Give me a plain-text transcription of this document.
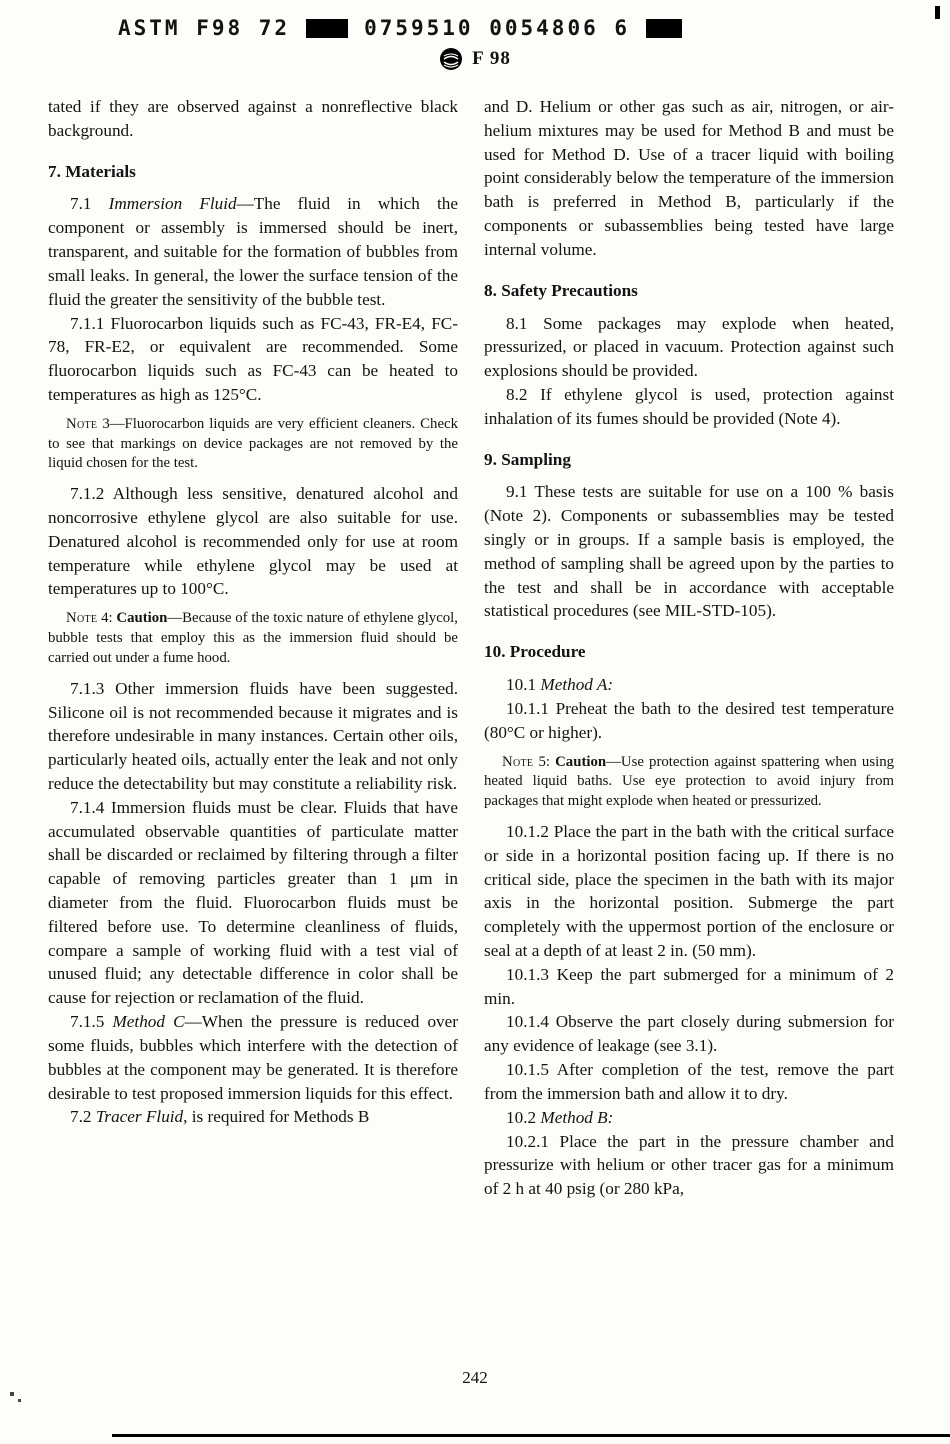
ASTM F98 72	0759510 0054806 6
F 98

tated if they are observed against a nonreflective black background.

7. Materials

7.1 Immersion Fluid—The fluid in which the component or assembly is immersed should be inert, transparent, and suitable for the formation of bubbles from small leaks. In general, the lower the surface tension of the fluid the greater the sensitivity of the bubble test.

7.1.1 Fluorocarbon liquids such as FC-43, FR-E4, FC-78, FR-E2, or equivalent are recommended. Some fluorocarbon liquids such as FC-43 can be heated to temperatures as high as 125°C.

Note 3—Fluorocarbon liquids are very efficient cleaners. Check to see that markings on device packages are not removed by the liquid chosen for the test.

7.1.2 Although less sensitive, denatured alcohol and noncorrosive ethylene glycol are also suitable for use. Denatured alcohol is recommended only for use at room temperature while ethylene glycol may be used at temperatures up to 100°C.

Note 4: Caution—Because of the toxic nature of ethylene glycol, bubble tests that employ this as the immersion fluid should be carried out under a fume hood.

7.1.3 Other immersion fluids have been suggested. Silicone oil is not recommended because it migrates and is therefore undesirable in many instances. Certain other oils, particularly heated oils, actually enter the leak and not only reduce the detectability but may constitute a reliability risk.

7.1.4 Immersion fluids must be clear. Fluids that have accumulated observable quantities of particulate matter shall be discarded or reclaimed by filtering through a filter capable of removing particles greater than 1 μm in diameter from the fluid. Fluorocarbon fluids must be filtered before use. To determine cleanliness of fluids, compare a sample of working fluid with a test vial of unused fluid; any detectable difference in color shall be cause for rejection or reclamation of the fluid.

7.1.5 Method C—When the pressure is reduced over some fluids, bubbles which interfere with the detection of bubbles at the component may be generated. It is therefore desirable to test proposed immersion liquids for this effect.

7.2 Tracer Fluid, is required for Methods B

and D. Helium or other gas such as air, nitrogen, or air-helium mixtures may be used for Method B and must be used for Method D. Use of a tracer liquid with boiling point considerably below the temperature of the immersion bath is preferred in Method B, particularly if the components or subassemblies being tested have large internal volume.

8. Safety Precautions

8.1 Some packages may explode when heated, pressurized, or placed in vacuum. Protection against such explosions should be provided.

8.2 If ethylene glycol is used, protection against inhalation of its fumes should be provided (Note 4).

9. Sampling

9.1 These tests are suitable for use on a 100 % basis (Note 2). Components or subassemblies may be tested singly or in groups. If a sample basis is employed, the method of sampling shall be agreed upon by the parties to the test and shall be in accordance with acceptable statistical procedures (see MIL-STD-105).

10. Procedure

10.1 Method A:

10.1.1 Preheat the bath to the desired test temperature (80°C or higher).

Note 5: Caution—Use protection against spattering when using heated liquid baths. Use eye protection to avoid injury from packages that might explode when heated or pressurized.

10.1.2 Place the part in the bath with the critical surface or side in a horizontal position facing up. If there is no critical side, place the specimen in the bath with its major axis in the horizontal position. Submerge the part completely with the uppermost portion of the enclosure or seal at a depth of at least 2 in. (50 mm).

10.1.3 Keep the part submerged for a minimum of 2 min.

10.1.4 Observe the part closely during submersion for any evidence of leakage (see 3.1).

10.1.5 After completion of the test, remove the part from the immersion bath and allow it to dry.

10.2 Method B:

10.2.1 Place the part in the pressure chamber and pressurize with helium or other tracer gas for a minimum of 2 h at 40 psig (or 280 kPa,

242
